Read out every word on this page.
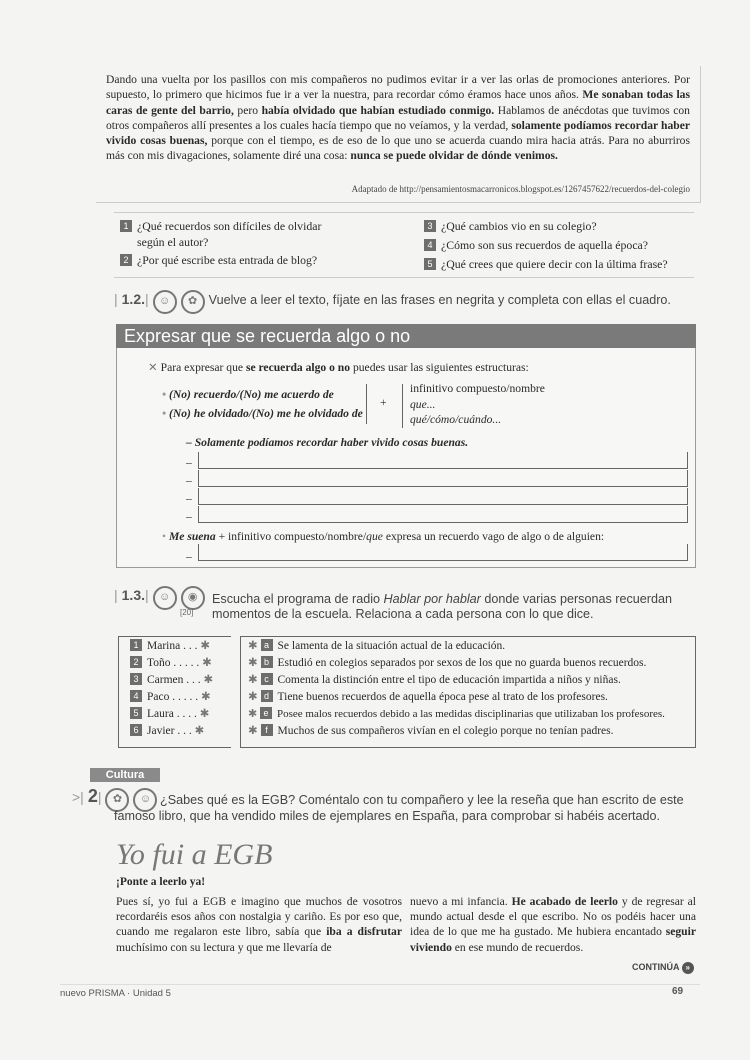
Dando una vuelta por los pasillos con mis compañeros no pudimos evitar ir a ver las orlas de promociones anteriores. Por supuesto, lo primero que hicimos fue ir a ver la nuestra, para recordar cómo éramos hace unos años. Me sonaban todas las caras de gente del barrio, pero había olvidado que habían estudiado conmigo. Hablamos de anécdotas que tuvimos con otros compañeros allí presentes a los cuales hacía tiempo que no veíamos, y la verdad, solamente podíamos recordar haber vivido cosas buenas, porque con el tiempo, es de eso de lo que uno se acuerda cuando mira hacia atrás. Para no aburriros más con mis divagaciones, solamente diré una cosa: nunca se puede olvidar de dónde venimos.
Adaptado de http://pensamientosmacarronicos.blogspot.es/1267457622/recuerdos-del-colegio
1 ¿Qué recuerdos son difíciles de olvidar según el autor?
2 ¿Por qué escribe esta entrada de blog?
3 ¿Qué cambios vio en su colegio?
4 ¿Cómo son sus recuerdos de aquella época?
5 ¿Qué crees que quiere decir con la última frase?
| 1.2.| ☺ ✿ Vuelve a leer el texto, fíjate en las frases en negrita y completa con ellas el cuadro.
Expresar que se recuerda algo o no
✕ Para expresar que se recuerda algo o no puedes usar las siguientes estructuras:
• (No) recuerdo/(No) me acuerdo de
• (No) he olvidado/(No) me he olvidado de
+
infinitivo compuesto/nombre
que...
qué/cómo/cuándo...
– Solamente podíamos recordar haber vivido cosas buenas.
–
–
–
–
• Me suena + infinitivo compuesto/nombre/que expresa un recuerdo vago de algo o de alguien:
–
| 1.3.| ☺ ◉
[20]
Escucha el programa de radio Hablar por hablar donde varias personas recuerdan momentos de la escuela. Relaciona a cada persona con lo que dice.
1 Marina . . . ✱
2 Toño . . . . . ✱
3 Carmen . . . ✱
4 Paco . . . . . ✱
5 Laura . . . . ✱
6 Javier . . . ✱
✱ a Se lamenta de la situación actual de la educación.
✱ b Estudió en colegios separados por sexos de los que no guarda buenos recuerdos.
✱ c Comenta la distinción entre el tipo de educación impartida a niños y niñas.
✱ d Tiene buenos recuerdos de aquella época pese al trato de los profesores.
✱ e Posee malos recuerdos debido a las medidas disciplinarias que utilizaban los profesores.
✱ f Muchos de sus compañeros vivían en el colegio porque no tenían padres.
Cultura
>| 2| ✿ ☺ ¿Sabes qué es la EGB? Coméntalo con tu compañero y lee la reseña que han escrito de este famoso libro, que ha vendido miles de ejemplares en España, para comprobar si habéis acertado.
Yo fui a EGB
¡Ponte a leerlo ya!
Pues sí, yo fui a EGB e imagino que muchos de vosotros recordaréis esos años con nostalgia y cariño. Es por eso que, cuando me regalaron este libro, sabía que iba a disfrutar muchísimo con su lectura y que me llevaría de
nuevo a mi infancia. He acabado de leerlo y de regresar al mundo actual desde el que escribo. No os podéis hacer una idea de lo que me ha gustado. Me hubiera encantado seguir viviendo en ese mundo de recuerdos.
CONTINÚA »
nuevo PRISMA · Unidad 5	69
